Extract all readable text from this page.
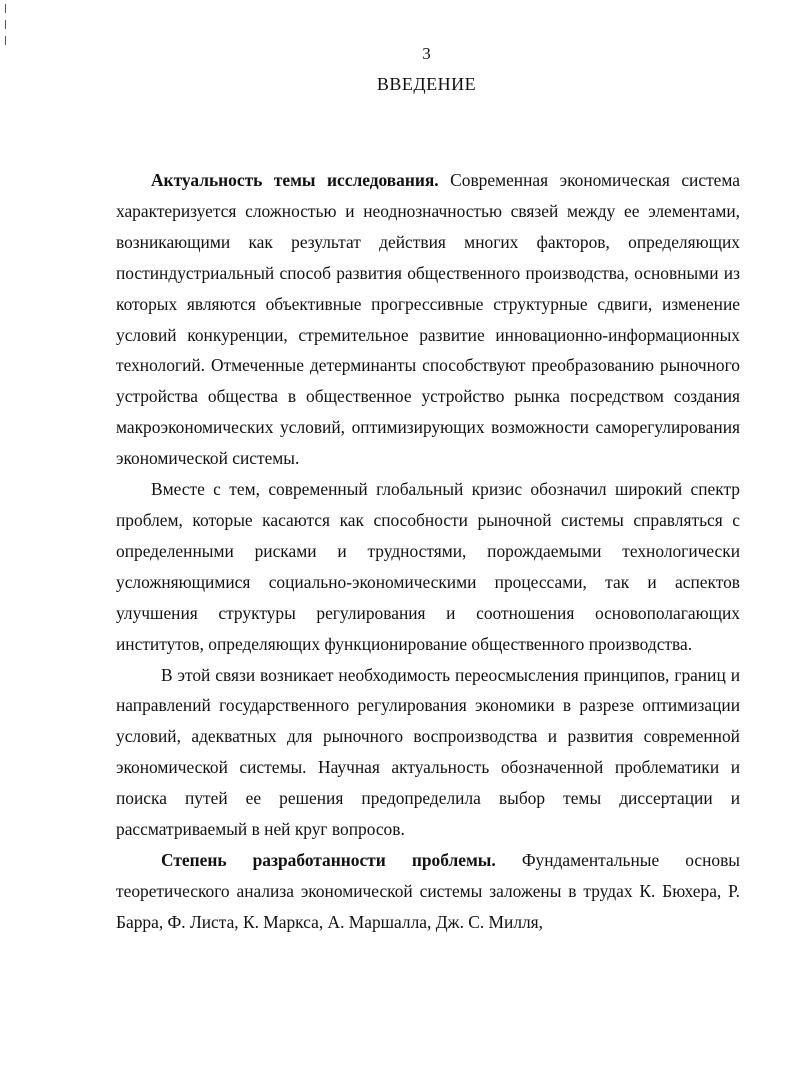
3
ВВЕДЕНИЕ

Актуальность темы исследования. Современная экономическая система характеризуется сложностью и неоднозначностью связей между ее элементами, возникающими как результат действия многих факторов, определяющих постиндустриальный способ развития общественного производства, основными из которых являются объективные прогрессивные структурные сдвиги, изменение условий конкуренции, стремительное развитие инновационно-информационных технологий. Отмеченные детерминанты способствуют преобразованию рыночного устройства общества в общественное устройство рынка посредством создания макроэкономических условий, оптимизирующих возможности саморегулирования экономической системы.

Вместе с тем, современный глобальный кризис обозначил широкий спектр проблем, которые касаются как способности рыночной системы справляться с определенными рисками и трудностями, порождаемыми технологически усложняющимися социально-экономическими процессами, так и аспектов улучшения структуры регулирования и соотношения основополагающих институтов, определяющих функционирование общественного производства.

В этой связи возникает необходимость переосмысления принципов, границ и направлений государственного регулирования экономики в разрезе оптимизации условий, адекватных для рыночного воспроизводства и развития современной экономической системы. Научная актуальность обозначенной проблематики и поиска путей ее решения предопределила выбор темы диссертации и рассматриваемый в ней круг вопросов.

Степень разработанности проблемы. Фундаментальные основы теоретического анализа экономической системы заложены в трудах К. Бюхера, Р. Барра, Ф. Листа, К. Маркса, А. Маршалла, Дж. С. Милля,
